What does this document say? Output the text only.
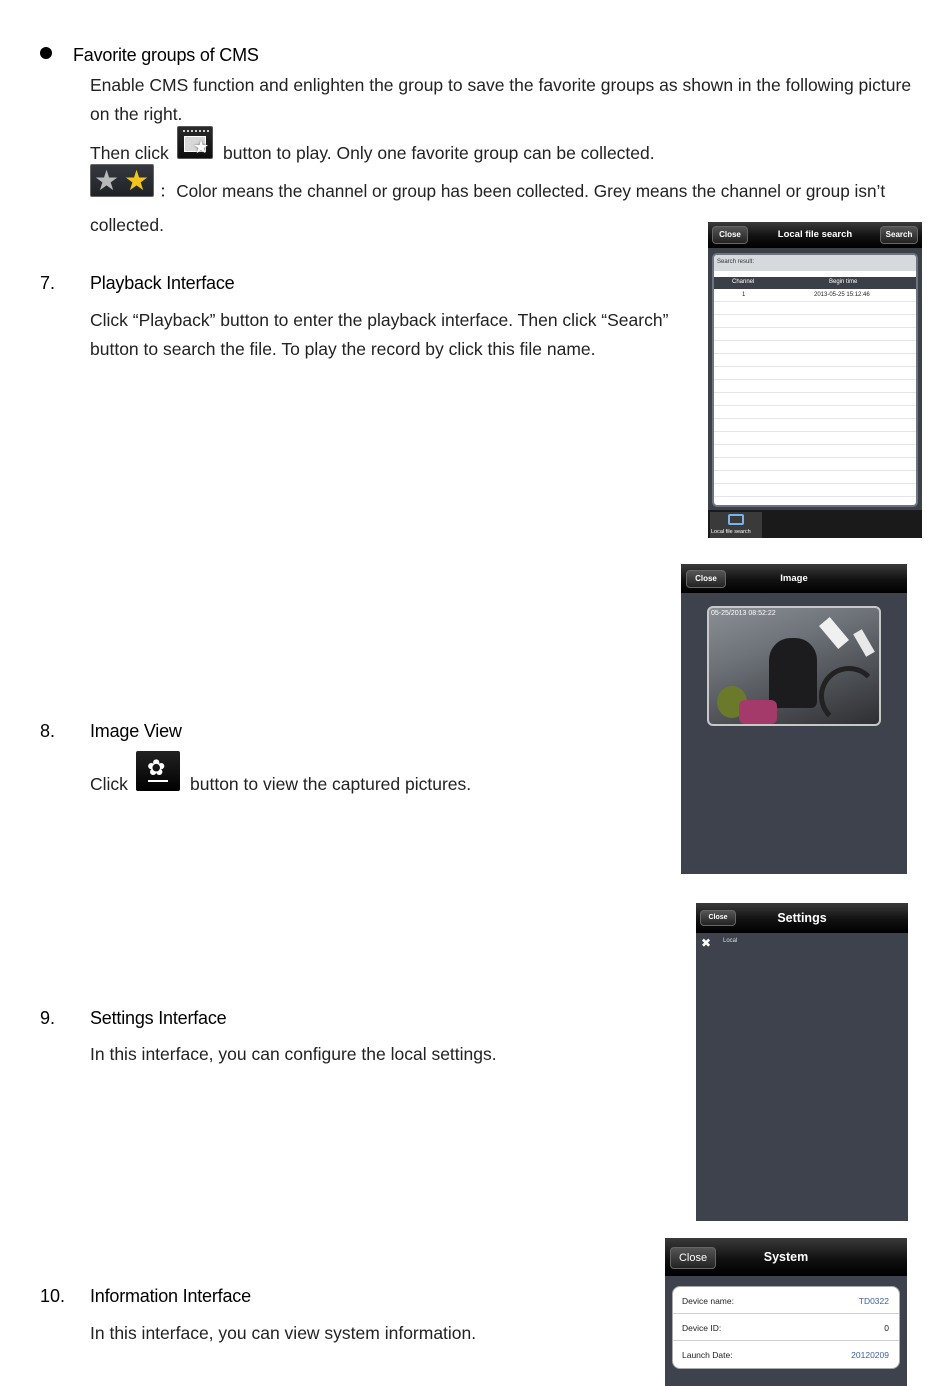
Favorite groups of CMS
Enable CMS function and enlighten the group to save the favorite groups as shown in the following picture
on the right.
Then click ★ button to play. Only one favorite group can be collected.
★ ★ ：Color means the channel or group has been collected. Grey means the channel or group isn’t
collected.
7. Playback Interface
Click “Playback” button to enter the playback interface. Then click “Search”
button to search the file. To play the record by click this file name.
8. Image View
Click
✿
button to view the captured pictures.
9. Settings Interface
In this interface, you can configure the local settings.
10. Information Interface
In this interface, you can view system information.
Close	Local file search	Search
Search result:
Channel	Begin time
1	2013-05-25 15:12:46
Local file search
Close	Image
05-25/2013 08:52:22
Close	Settings
✖ Local
Close	System
Device name:	TD0322
Device ID:	0
Launch Date:	20120209
